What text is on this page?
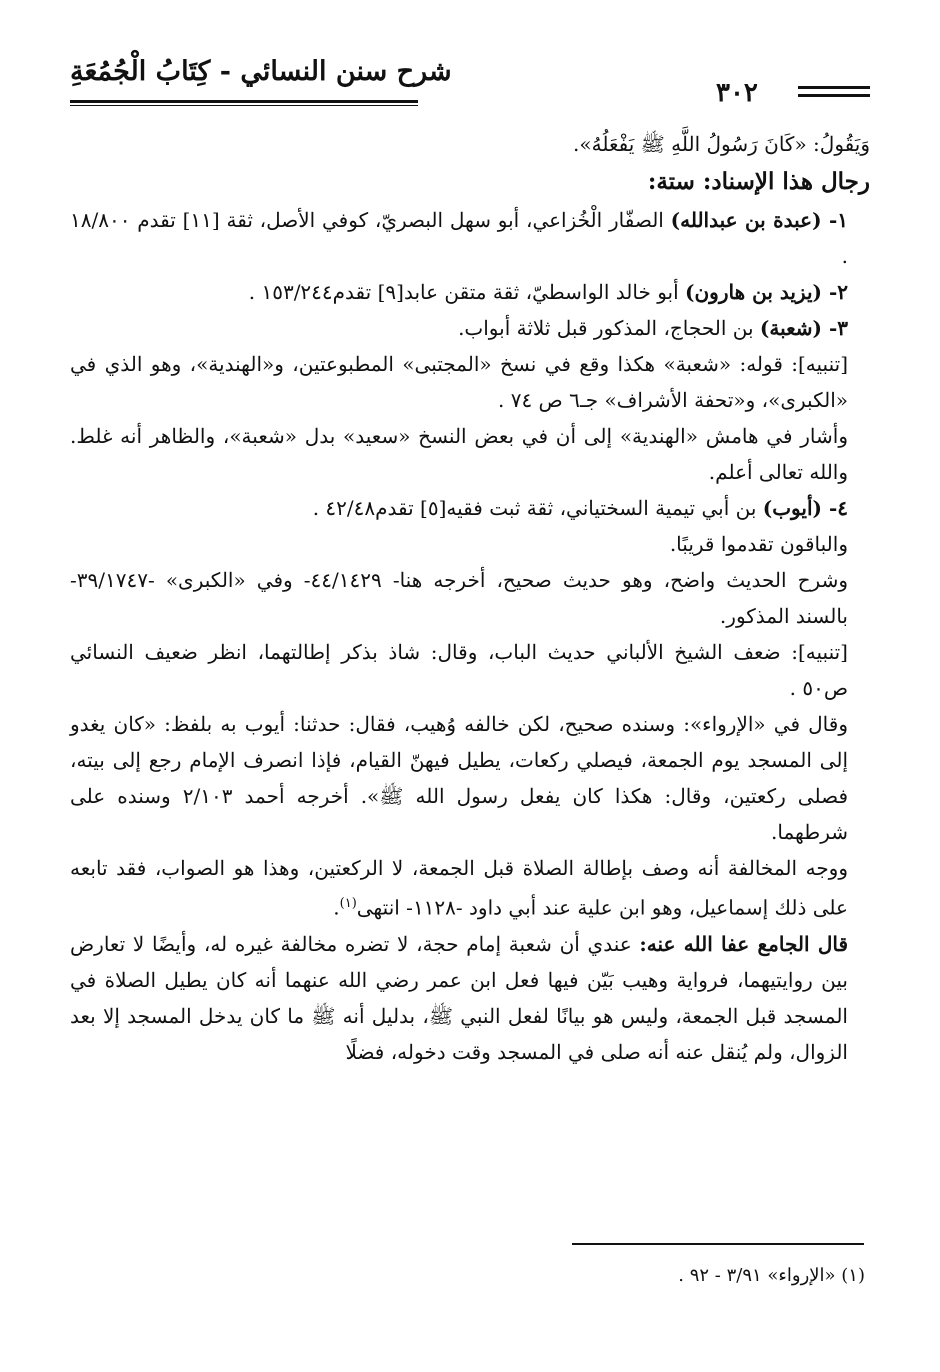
شرح سنن النسائي - كِتَابُ الْجُمُعَةِ
٣٠٢

وَيَقُولُ: «كَانَ رَسُولُ اللَّهِ ﷺ يَفْعَلُهُ».

رجال هذا الإسناد: ستة:

١- (عبدة بن عبدالله) الصفّار الْخُزاعي، أبو سهل البصريّ، كوفي الأصل، ثقة [١١] تقدم ١٨/٨٠٠ .

٢- (يزيد بن هارون) أبو خالد الواسطيّ، ثقة متقن عابد[٩] تقدم١٥٣/٢٤٤ .

٣- (شعبة) بن الحجاج، المذكور قبل ثلاثة أبواب.

[تنبيه]: قوله: «شعبة» هكذا وقع في نسخ «المجتبى» المطبوعتين، و«الهندية»، وهو الذي في «الكبرى»، و«تحفة الأشراف» جـ٦ ص ٧٤ .

وأشار في هامش «الهندية» إلى أن في بعض النسخ «سعيد» بدل «شعبة»، والظاهر أنه غلط. والله تعالى أعلم.

٤- (أيوب) بن أبي تيمية السختياني، ثقة ثبت فقيه[٥] تقدم٤٢/٤٨ .

والباقون تقدموا قريبًا.

وشرح الحديث واضح، وهو حديث صحيح، أخرجه هنا- ٤٤/١٤٢٩- وفي «الكبرى» -٣٩/١٧٤٧- بالسند المذكور.

[تنبيه]: ضعف الشيخ الألباني حديث الباب، وقال: شاذ بذكر إطالتهما، انظر ضعيف النسائي ص٥٠ .

وقال في «الإرواء»: وسنده صحيح، لكن خالفه وُهيب، فقال: حدثنا: أيوب به بلفظ: «كان يغدو إلى المسجد يوم الجمعة، فيصلي ركعات، يطيل فيهنّ القيام، فإذا انصرف الإمام رجع إلى بيته، فصلى ركعتين، وقال: هكذا كان يفعل رسول الله ﷺ». أخرجه أحمد ٢/١٠٣ وسنده على شرطهما.

ووجه المخالفة أنه وصف بإطالة الصلاة قبل الجمعة، لا الركعتين، وهذا هو الصواب، فقد تابعه على ذلك إسماعيل، وهو ابن علية عند أبي داود -١١٢٨- انتهى$^{(١)}$.

قال الجامع عفا الله عنه: عندي أن شعبة إمام حجة، لا تضره مخالفة غيره له، وأيضًا لا تعارض بين روايتيهما، فرواية وهيب بَيّن فيها فعل ابن عمر رضي الله عنهما أنه كان يطيل الصلاة في المسجد قبل الجمعة، وليس هو بيانًا لفعل النبي ﷺ، بدليل أنه ﷺ ما كان يدخل المسجد إلا بعد الزوال، ولم يُنقل عنه أنه صلى في المسجد وقت دخوله، فضلًا

(١) «الإرواء» ٣/٩١ - ٩٢ .
